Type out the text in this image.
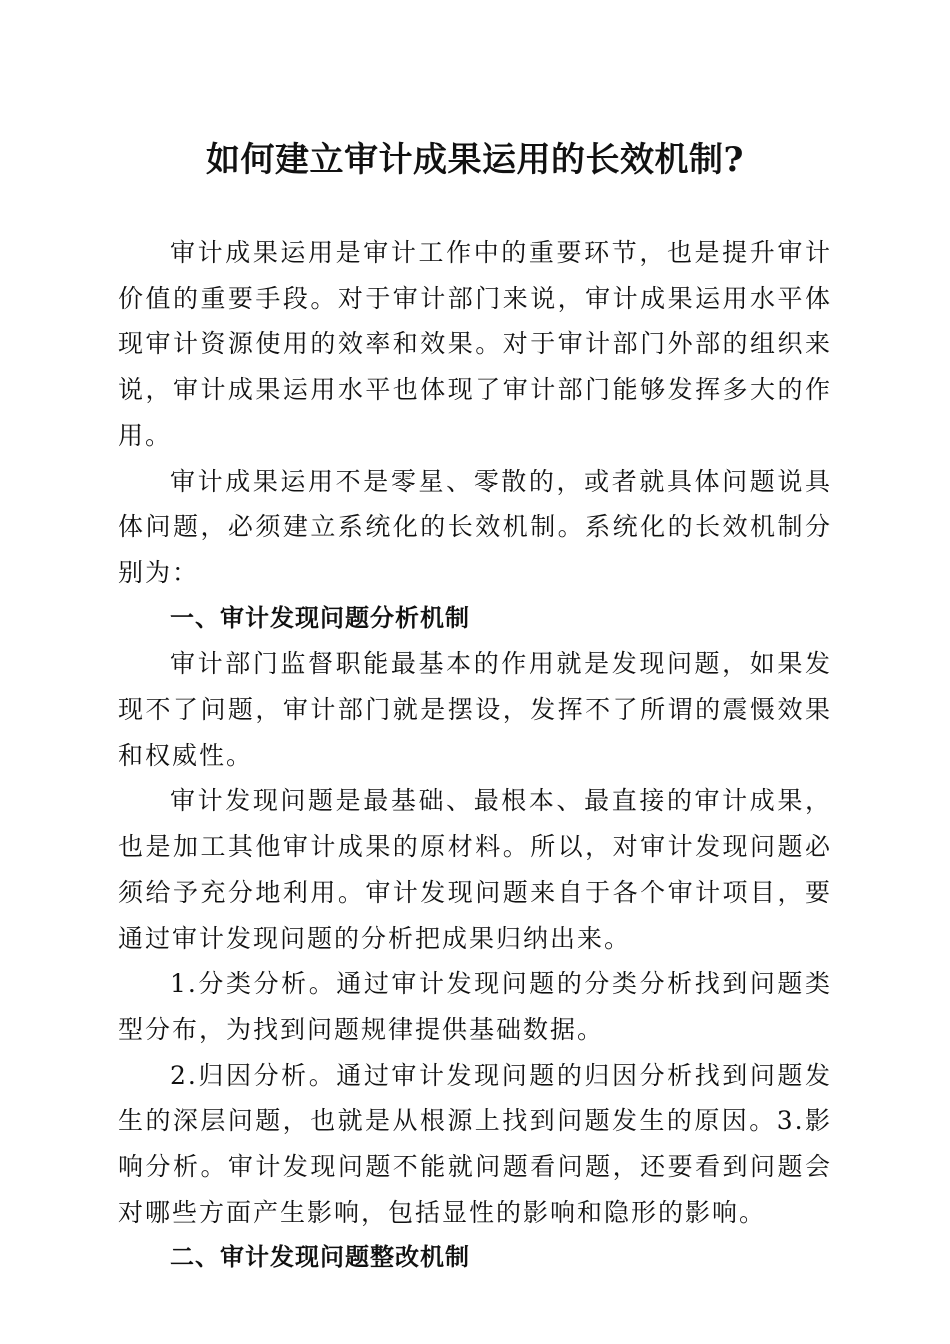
如何建立审计成果运用的长效机制?

审计成果运用是审计工作中的重要环节，也是提升审计价值的重要手段。对于审计部门来说，审计成果运用水平体现审计资源使用的效率和效果。对于审计部门外部的组织来说，审计成果运用水平也体现了审计部门能够发挥多大的作用。

审计成果运用不是零星、零散的，或者就具体问题说具体问题，必须建立系统化的长效机制。系统化的长效机制分别为：

一、审计发现问题分析机制

审计部门监督职能最基本的作用就是发现问题，如果发现不了问题，审计部门就是摆设，发挥不了所谓的震慑效果和权威性。

审计发现问题是最基础、最根本、最直接的审计成果，也是加工其他审计成果的原材料。所以，对审计发现问题必须给予充分地利用。审计发现问题来自于各个审计项目，要通过审计发现问题的分析把成果归纳出来。

1.分类分析。通过审计发现问题的分类分析找到问题类型分布，为找到问题规律提供基础数据。

2.归因分析。通过审计发现问题的归因分析找到问题发生的深层问题，也就是从根源上找到问题发生的原因。3.影响分析。审计发现问题不能就问题看问题，还要看到问题会对哪些方面产生影响，包括显性的影响和隐形的影响。

二、审计发现问题整改机制
